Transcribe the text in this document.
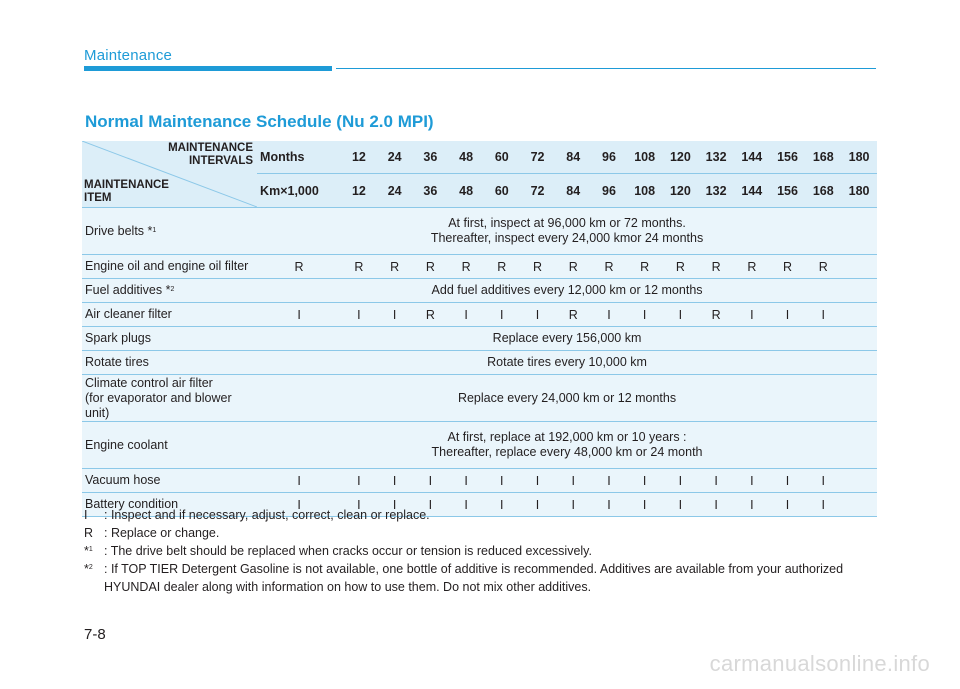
Maintenance
Normal Maintenance Schedule (Nu 2.0 MPI)
MAINTENANCE
INTERVALS
MAINTENANCE
ITEM	Months	12	24	36	48	60	72	84	96	108	120	132	144	156	168	180
	Km×1,000	12	24	36	48	60	72	84	96	108	120	132	144	156	168	180
Drive belts *$^1$	At first, inspect at 96,000 km or 72 months.
Thereafter, inspect every 24,000 kmor 24 months															
Engine oil and engine oil filter	R	R	R	R	R	R	R	R	R	R	R	R	R	R	R	
Fuel additives *$^2$	Add fuel additives every 12,000 km or 12 months															
Air cleaner filter	I	I	I	R	I	I	I	R	I	I	I	R	I	I	I	
Spark plugs	Replace every 156,000 km															
Rotate tires	Rotate tires every 10,000 km															
Climate control air filter
(for evaporator and blower unit)	Replace every 24,000 km or 12 months															
Engine coolant	At first, replace at 192,000 km or 10 years :
Thereafter, replace every 48,000 km or 24 month															
Vacuum hose	I	I	I	I	I	I	I	I	I	I	I	I	I	I	I	
Battery condition	I	I	I	I	I	I	I	I	I	I	I	I	I	I	I	
I : Inspect and if necessary, adjust, correct, clean or replace.
R : Replace or change.
*$^1$ : The drive belt should be replaced when cracks occur or tension is reduced excessively.
*$^2$ : If TOP TIER Detergent Gasoline is not available, one bottle of additive is recommended. Additives are available from your authorized HYUNDAI dealer along with information on how to use them. Do not mix other additives.
7-8
carmanualsonline.info
